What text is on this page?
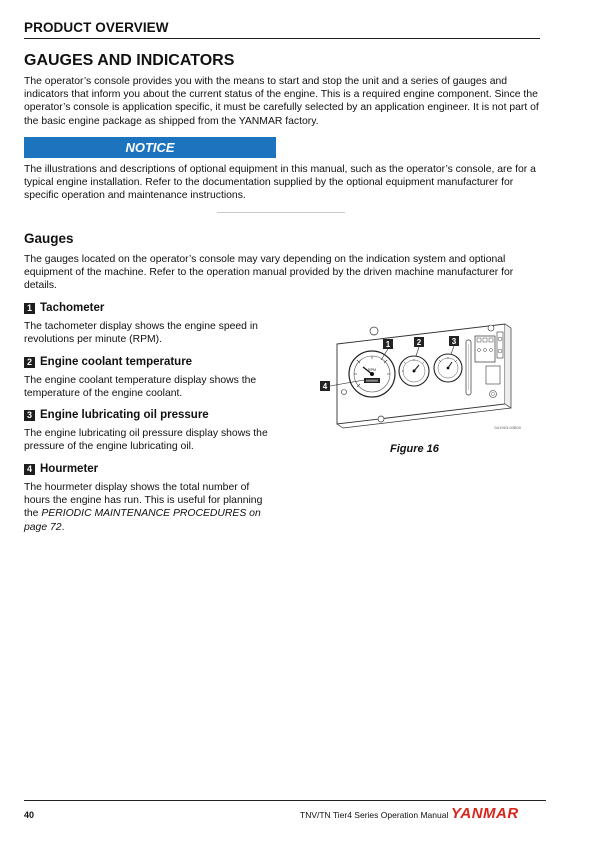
PRODUCT OVERVIEW
GAUGES AND INDICATORS
The operator’s console provides you with the means to start and stop the unit and a series of gauges and indicators that inform you about the current status of the engine. This is a required engine component. Since the operator’s console is application specific, it must be carefully selected by an application engineer. It is not part of the basic engine package as shipped from the YANMAR factory.
NOTICE
The illustrations and descriptions of optional equipment in this manual, such as the operator’s console, are for a typical engine installation. Refer to the documentation supplied by the optional equipment manufacturer for specific operation and maintenance instructions.
Gauges
The gauges located on the operator’s console may vary depending on the indication system and optional equipment of the machine. Refer to the operation manual provided by the driven machine manufacturer for details.
1 Tachometer
The tachometer display shows the engine speed in revolutions per minute (RPM).
2 Engine coolant temperature
The engine coolant temperature display shows the temperature of the engine coolant.
3 Engine lubricating oil pressure
The engine lubricating oil pressure display shows the pressure of the engine lubricating oil.
4 Hourmeter
The hourmeter display shows the total number of hours the engine has run. This is useful for planning the PERIODIC MAINTENANCE PROCEDURES on page 72.
RPM
000000
1	2	3
4
0A1963-00B00
Figure 16
40	TNV/TN Tier4 Series Operation Manual YANMAR
